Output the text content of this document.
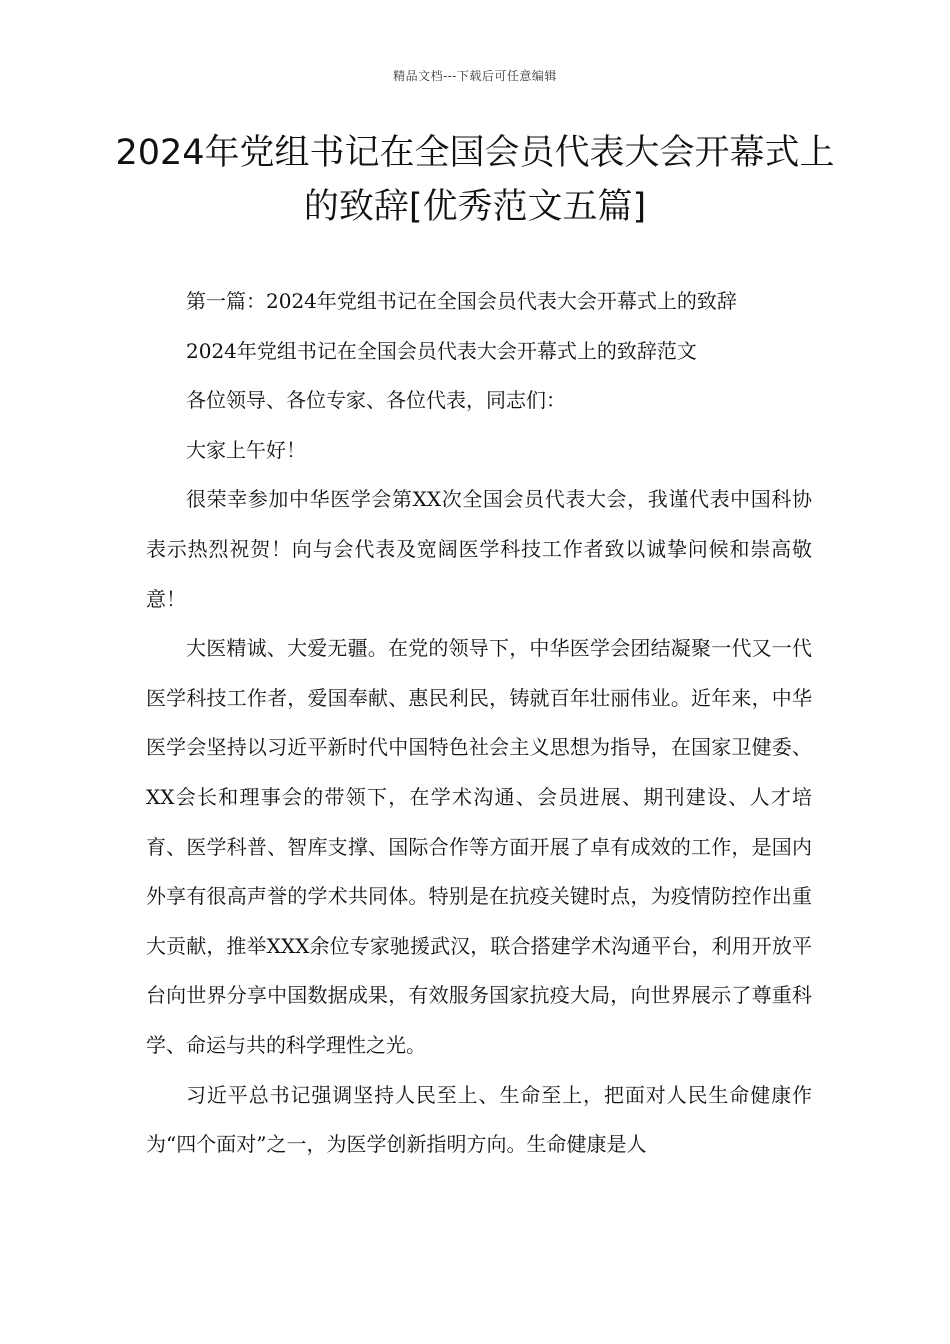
精品文档---下载后可任意编辑
2024年党组书记在全国会员代表大会开幕式上的致辞[优秀范文五篇]

第一篇：2024年党组书记在全国会员代表大会开幕式上的致辞

2024年党组书记在全国会员代表大会开幕式上的致辞范文

各位领导、各位专家、各位代表，同志们：

大家上午好！

很荣幸参加中华医学会第XX次全国会员代表大会，我谨代表中国科协表示热烈祝贺！向与会代表及宽阔医学科技工作者致以诚挚问候和崇高敬意！

大医精诚、大爱无疆。在党的领导下，中华医学会团结凝聚一代又一代医学科技工作者，爱国奉献、惠民利民，铸就百年壮丽伟业。近年来，中华医学会坚持以习近平新时代中国特色社会主义思想为指导，在国家卫健委、XX会长和理事会的带领下，在学术沟通、会员进展、期刊建设、人才培育、医学科普、智库支撑、国际合作等方面开展了卓有成效的工作，是国内外享有很高声誉的学术共同体。特别是在抗疫关键时点，为疫情防控作出重大贡献，推举XXX余位专家驰援武汉，联合搭建学术沟通平台，利用开放平台向世界分享中国数据成果，有效服务国家抗疫大局，向世界展示了尊重科学、命运与共的科学理性之光。

习近平总书记强调坚持人民至上、生命至上，把面对人民生命健康作为“四个面对”之一，为医学创新指明方向。生命健康是人
